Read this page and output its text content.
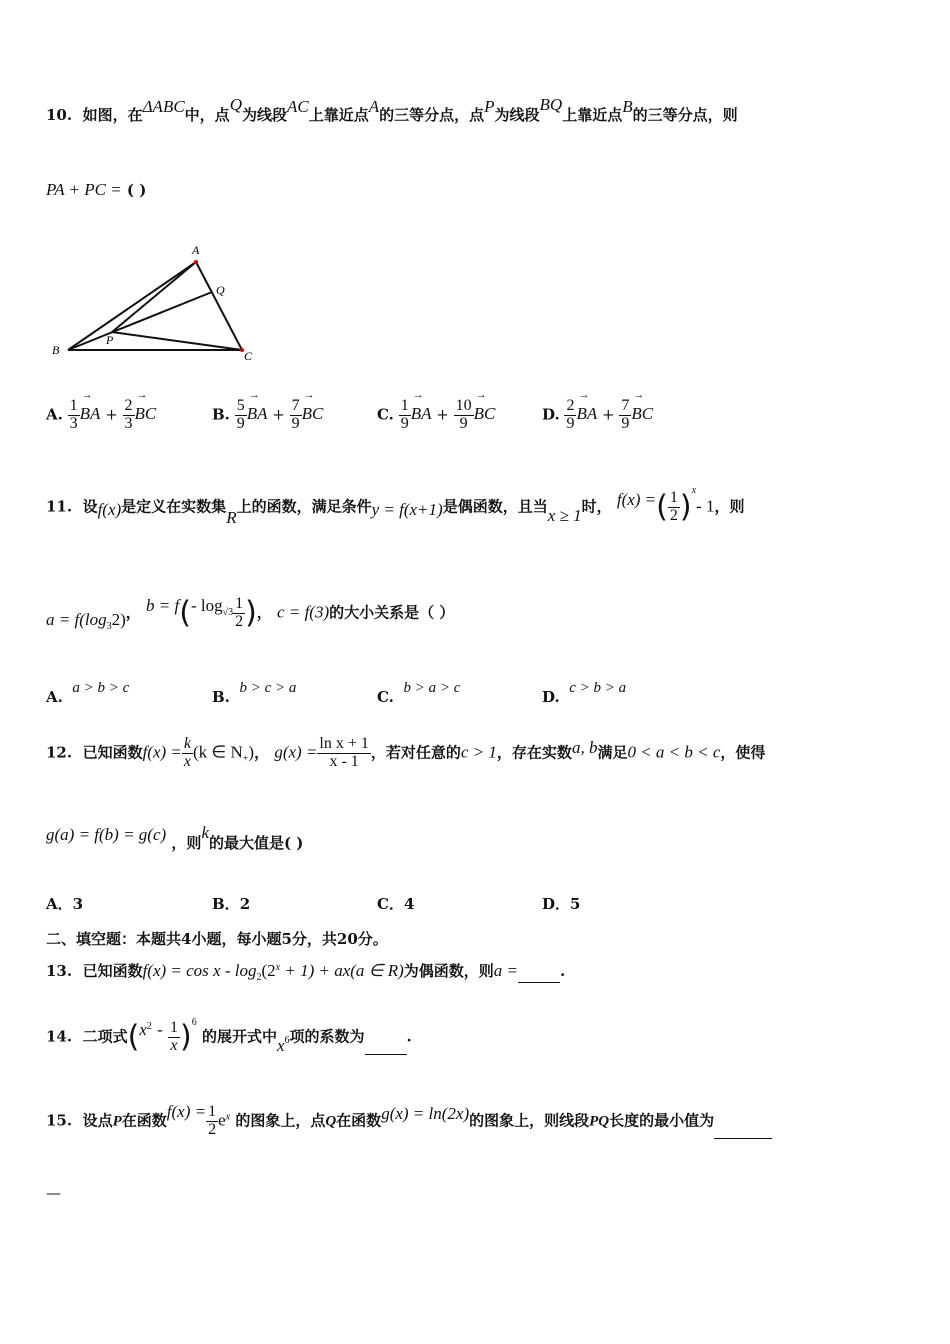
10. 如图，在ΔABC中，点Q为线段AC上靠近点A的三等分点，点P为线段BQ上靠近点B的三等分点，则
PA + PC = ( )
A
B	C
P
Q
A. $\frac{1}{3}$ → BA + $\frac{2}{3}$ → BC	B. $\frac{5}{9}$ → BA + $\frac{7}{9}$ → BC	C. $\frac{1}{9}$ → BA + $\frac{10}{9}$ → BC	D. $\frac{2}{9}$ → BA + $\frac{7}{9}$ → BC
11. 设f(x)是定义在实数集R上的函数，满足条件y = f(x+1)是偶函数，且当x ≥ 1时， f(x) =( $\frac{1}{2} )^x-$ 1，则
$a = f(\log_32)$， b = f(- $\log_{√3} \frac{1}{2}$ )， c = f(3)的大小关系是（ ）
A. a > b > c	B. b > c > a	C. b > a > c	D. c > b > a
12. 已知函数$f(x) = \frac{k}{x} (k$ ∈ $N_+$)， $g(x) = \frac{\text{ln x + 1}}{x - 1}$ ，若对任意的c > 1，存在实数a, b满足0 < a < b < c，使得
g(a) = f(b) = g(c) ，则k的最大值是( )
A．3	B．2	C．4	D．5
二、填空题：本题共4小题，每小题5分，共20分。
13. 已知函数$f(x) = \cos x - \log_2(2^x + 1) + ax(a$ ∈ R)为偶函数，则a =	.
14. 二项式$(x^2 - \frac{1}{x} )^6$ 的展开式中x6项的系数为	.
15. 设点P在函数$f(x) = \frac{1}{2} e^x$ 的图象上，点Q在函数g(x) = ln(2x)的图象上，则线段PQ长度的最小值为
—
